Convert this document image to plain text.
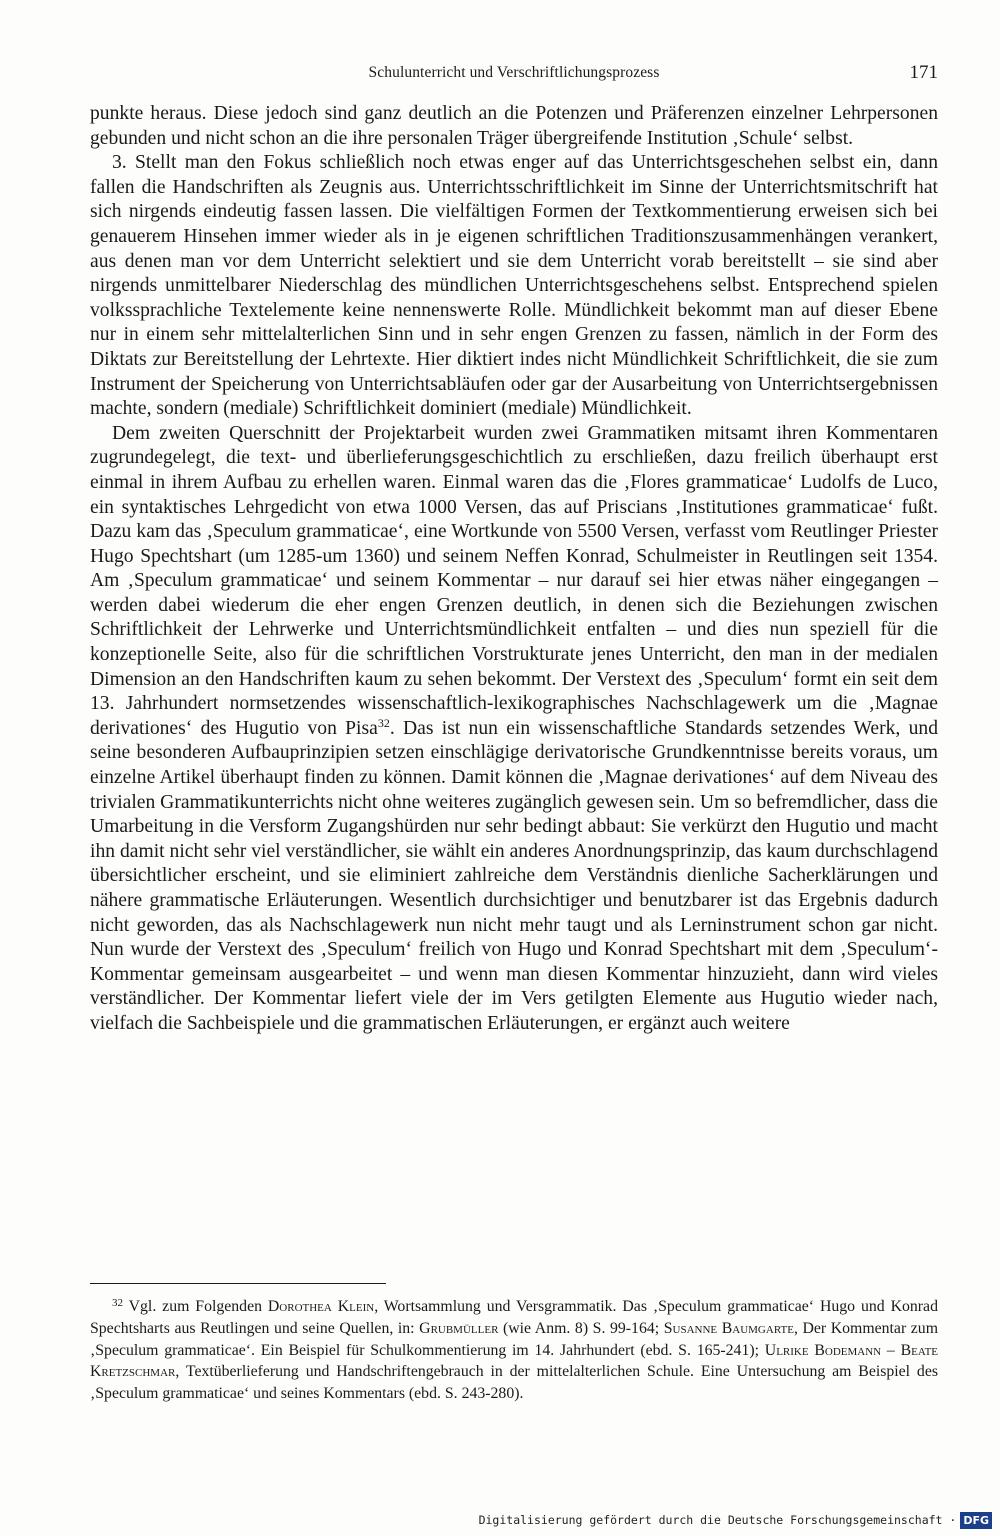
Schulunterricht und Verschriftlichungsprozess	171

punkte heraus. Diese jedoch sind ganz deutlich an die Potenzen und Präferenzen einzelner Lehrpersonen gebunden und nicht schon an die ihre personalen Träger übergreifende Institution ‚Schule‘ selbst.

3. Stellt man den Fokus schließlich noch etwas enger auf das Unterrichtsgeschehen selbst ein, dann fallen die Handschriften als Zeugnis aus. Unterrichtsschriftlichkeit im Sinne der Unterrichtsmitschrift hat sich nirgends eindeutig fassen lassen. Die vielfältigen Formen der Textkommentierung erweisen sich bei genauerem Hinsehen immer wieder als in je eigenen schriftlichen Traditionszusammenhängen verankert, aus denen man vor dem Unterricht selektiert und sie dem Unterricht vorab bereitstellt – sie sind aber nirgends unmittelbarer Niederschlag des mündlichen Unterrichtsgeschehens selbst. Entsprechend spielen volkssprachliche Textelemente keine nennenswerte Rolle. Mündlichkeit bekommt man auf dieser Ebene nur in einem sehr mittelalterlichen Sinn und in sehr engen Grenzen zu fassen, nämlich in der Form des Diktats zur Bereitstellung der Lehrtexte. Hier diktiert indes nicht Mündlichkeit Schriftlichkeit, die sie zum Instrument der Speicherung von Unterrichtsabläufen oder gar der Ausarbeitung von Unterrichtsergebnissen machte, sondern (mediale) Schriftlichkeit dominiert (mediale) Mündlichkeit.

Dem zweiten Querschnitt der Projektarbeit wurden zwei Grammatiken mitsamt ihren Kommentaren zugrundegelegt, die text- und überlieferungsgeschichtlich zu erschließen, dazu freilich überhaupt erst einmal in ihrem Aufbau zu erhellen waren. Einmal waren das die ‚Flores grammaticae‘ Ludolfs de Luco, ein syntaktisches Lehrgedicht von etwa 1000 Versen, das auf Priscians ‚Institutiones grammaticae‘ fußt. Dazu kam das ‚Speculum grammaticae‘, eine Wortkunde von 5500 Versen, verfasst vom Reutlinger Priester Hugo Spechtshart (um 1285-um 1360) und seinem Neffen Konrad, Schulmeister in Reutlingen seit 1354. Am ‚Speculum grammaticae‘ und seinem Kommentar – nur darauf sei hier etwas näher eingegangen – werden dabei wiederum die eher engen Grenzen deutlich, in denen sich die Beziehungen zwischen Schriftlichkeit der Lehrwerke und Unterrichtsmündlichkeit entfalten – und dies nun speziell für die konzeptionelle Seite, also für die schriftlichen Vorstrukturate jenes Unterricht, den man in der medialen Dimension an den Handschriften kaum zu sehen bekommt. Der Verstext des ‚Speculum‘ formt ein seit dem 13. Jahrhundert normsetzendes wissenschaftlich-lexikographisches Nachschlagewerk um die ‚Magnae derivationes‘ des Hugutio von Pisa$^{32}$. Das ist nun ein wissenschaftliche Standards setzendes Werk, und seine besonderen Aufbauprinzipien setzen einschlägige derivatorische Grundkenntnisse bereits voraus, um einzelne Artikel überhaupt finden zu können. Damit können die ‚Magnae derivationes‘ auf dem Niveau des trivialen Grammatikunterrichts nicht ohne weiteres zugänglich gewesen sein. Um so befremdlicher, dass die Umarbeitung in die Versform Zugangshürden nur sehr bedingt abbaut: Sie verkürzt den Hugutio und macht ihn damit nicht sehr viel verständlicher, sie wählt ein anderes Anordnungsprinzip, das kaum durchschlagend übersichtlicher erscheint, und sie eliminiert zahlreiche dem Verständnis dienliche Sacherklärungen und nähere grammatische Erläuterungen. Wesentlich durchsichtiger und benutzbarer ist das Ergebnis dadurch nicht geworden, das als Nachschlagewerk nun nicht mehr taugt und als Lerninstrument schon gar nicht. Nun wurde der Verstext des ‚Speculum‘ freilich von Hugo und Konrad Spechtshart mit dem ‚Speculum‘-Kommentar gemeinsam ausgearbeitet – und wenn man diesen Kommentar hinzuzieht, dann wird vieles verständlicher. Der Kommentar liefert viele der im Vers getilgten Elemente aus Hugutio wieder nach, vielfach die Sachbeispiele und die grammatischen Erläuterungen, er ergänzt auch weitere

$^{32}$ Vgl. zum Folgenden Dorothea Klein, Wortsammlung und Versgrammatik. Das ‚Speculum grammaticae‘ Hugo und Konrad Spechtsharts aus Reutlingen und seine Quellen, in: Grubmüller (wie Anm. 8) S. 99-164; Susanne Baumgarte, Der Kommentar zum ‚Speculum grammaticae‘. Ein Beispiel für Schulkommentierung im 14. Jahrhundert (ebd. S. 165-241); Ulrike Bodemann – Beate Kretzschmar, Textüberlieferung und Handschriftengebrauch in der mittelalterlichen Schule. Eine Untersuchung am Beispiel des ‚Speculum grammaticae‘ und seines Kommentars (ebd. S. 243-280).
Digitalisierung gefördert durch die Deutsche Forschungsgemeinschaft · DFG
